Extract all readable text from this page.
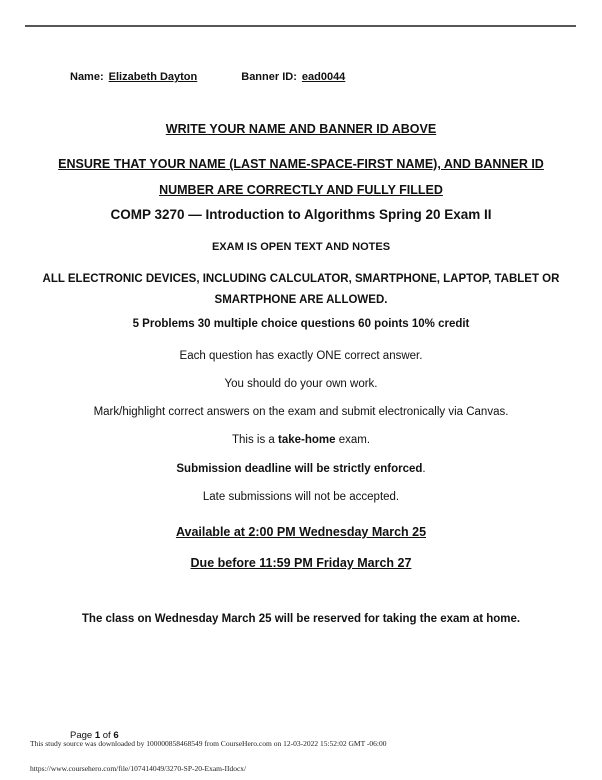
Name: Elizabeth Dayton	Banner ID: ead0044

WRITE YOUR NAME AND BANNER ID ABOVE

ENSURE THAT YOUR NAME (LAST NAME-SPACE-FIRST NAME), AND BANNER ID NUMBER ARE CORRECTLY AND FULLY FILLED

COMP 3270 — Introduction to Algorithms Spring 20 Exam II

EXAM IS OPEN TEXT AND NOTES

ALL ELECTRONIC DEVICES, INCLUDING CALCULATOR, SMARTPHONE, LAPTOP, TABLET OR SMARTPHONE ARE ALLOWED.

5 Problems 30 multiple choice questions 60 points 10% credit

Each question has exactly ONE correct answer.

You should do your own work.

Mark/highlight correct answers on the exam and submit electronically via Canvas.

This is a take-home exam.

Submission deadline will be strictly enforced.

Late submissions will not be accepted.

Available at 2:00 PM Wednesday March 25

Due before 11:59 PM Friday March 27

The class on Wednesday March 25 will be reserved for taking the exam at home.

Page 1 of 6
This study source was downloaded by 100000858468549 from CourseHero.com on 12-03-2022 15:52:02 GMT -06:00
https://www.coursehero.com/file/107414049/3270-SP-20-Exam-IIdocx/
